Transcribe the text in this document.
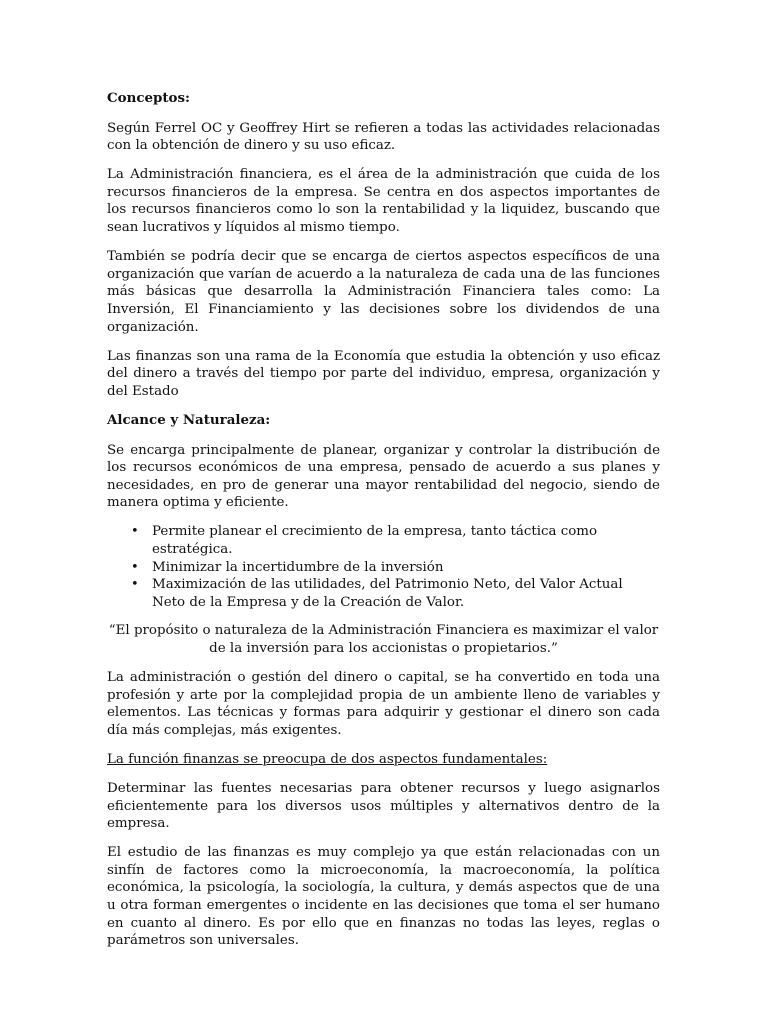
Conceptos:

Según Ferrel OC y Geoffrey Hirt se refieren a todas las actividades relacionadas con la obtención de dinero y su uso eficaz.

La Administración financiera, es el área de la administración que cuida de los recursos financieros de la empresa. Se centra en dos aspectos importantes de los recursos financieros como lo son la rentabilidad y la liquidez, buscando que sean lucrativos y líquidos al mismo tiempo.

También se podría decir que se encarga de ciertos aspectos específicos de una organización que varían de acuerdo a la naturaleza de cada una de las funciones más básicas que desarrolla la Administración Financiera tales como: La Inversión, El Financiamiento y las decisiones sobre los dividendos de una organización.

Las finanzas son una rama de la Economía que estudia la obtención y uso eficaz del dinero a través del tiempo por parte del individuo, empresa, organización y del Estado

Alcance y Naturaleza:

Se encarga principalmente de planear, organizar y controlar la distribución de los recursos económicos de una empresa, pensado de acuerdo a sus planes y necesidades, en pro de generar una mayor rentabilidad del negocio, siendo de manera optima y eficiente.

• Permite planear el crecimiento de la empresa, tanto táctica como estratégica.
• Minimizar la incertidumbre de la inversión
• Maximización de las utilidades, del Patrimonio Neto, del Valor Actual Neto de la Empresa y de la Creación de Valor.
“El propósito o naturaleza de la Administración Financiera es maximizar el valor de la inversión para los accionistas o propietarios.”

La administración o gestión del dinero o capital, se ha convertido en toda una profesión y arte por la complejidad propia de un ambiente lleno de variables y elementos. Las técnicas y formas para adquirir y gestionar el dinero son cada día más complejas, más exigentes.

La función finanzas se preocupa de dos aspectos fundamentales:

Determinar las fuentes necesarias para obtener recursos y luego asignarlos eficientemente para los diversos usos múltiples y alternativos dentro de la empresa.

El estudio de las finanzas es muy complejo ya que están relacionadas con un sinfín de factores como la microeconomía, la macroeconomía, la política económica, la psicología, la sociología, la cultura, y demás aspectos que de una u otra forman emergentes o incidente en las decisiones que toma el ser humano en cuanto al dinero. Es por ello que en finanzas no todas las leyes, reglas o parámetros son universales.
